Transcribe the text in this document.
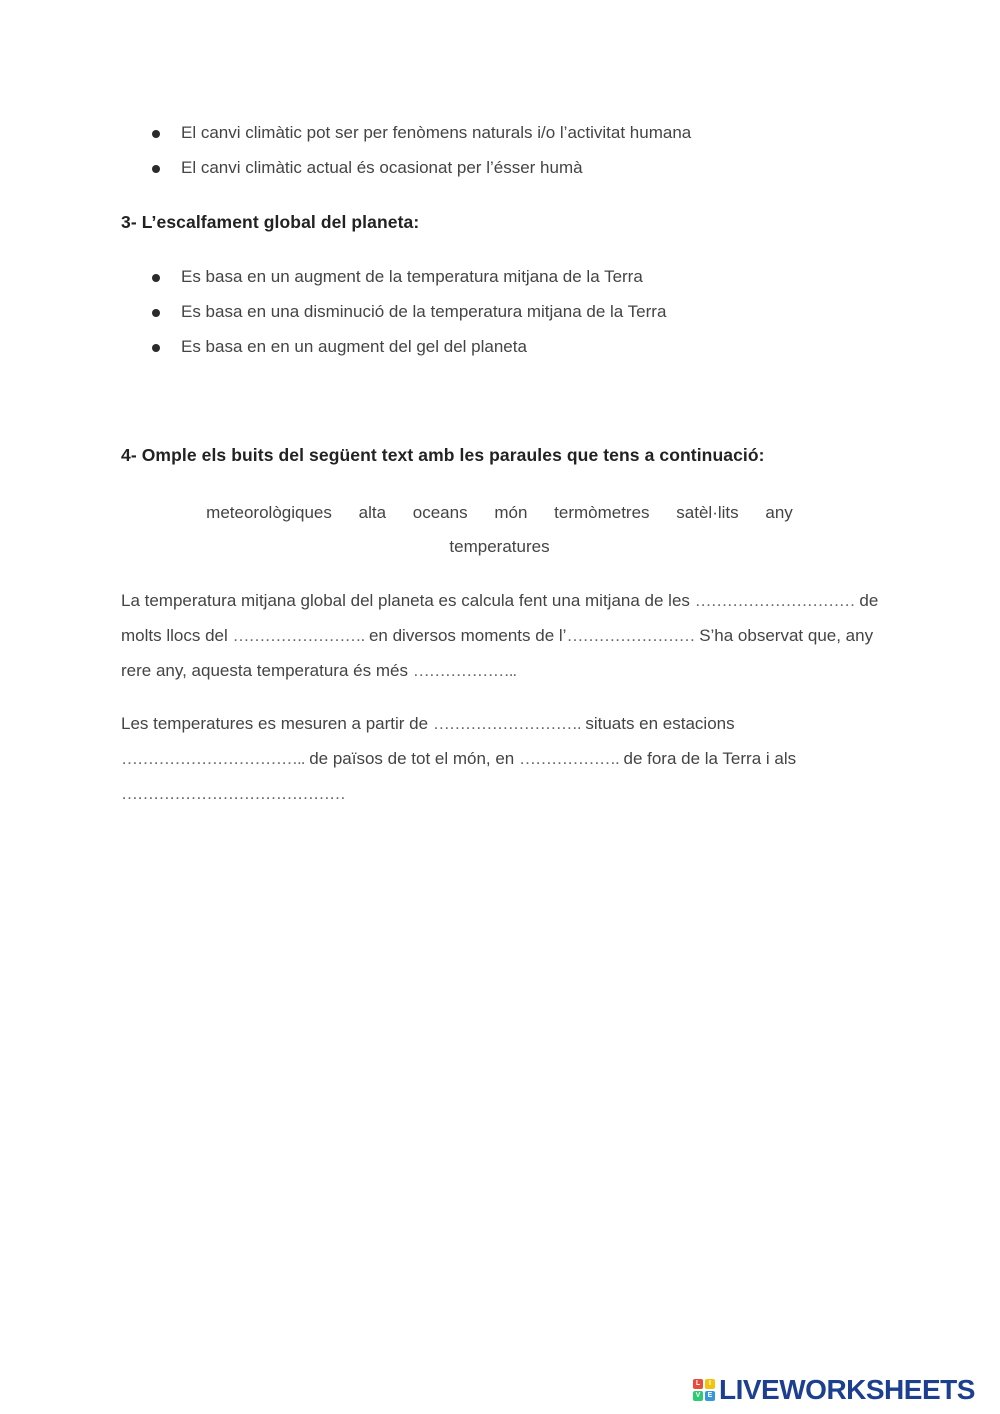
El canvi climàtic pot ser per fenòmens naturals i/o l’activitat humana
El canvi climàtic actual és ocasionat per l’ésser humà
3- L’escalfament global del planeta:
Es basa en un augment de la temperatura mitjana de la Terra
Es basa en una disminució de la temperatura mitjana de la Terra
Es basa en en un augment del gel del planeta
4- Omple els buits del següent text amb les paraules que tens a continuació:
meteorològiques alta oceans món termòmetres satèl·lits any
temperatures

La temperatura mitjana global del planeta es calcula fent una mitjana de les ………………………… de molts llocs del ……………………. en diversos moments de l’…………………… S’ha observat que, any rere any, aquesta temperatura és més ………………..

Les temperatures es mesuren a partir de ………………………. situats en estacions …………………………….. de països de tot el món, en ………………. de fora de la Terra i als ……………………………………

L	I
V	E LIVEWORKSHEETS
